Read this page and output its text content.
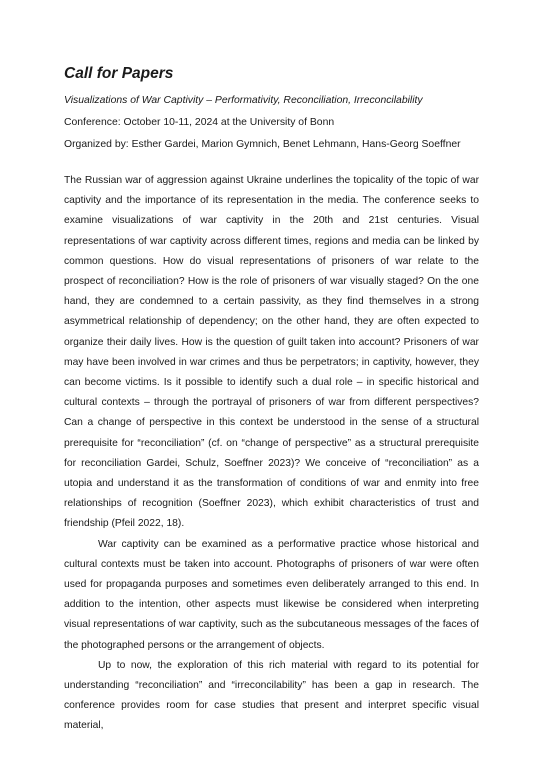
Call for Papers

Visualizations of War Captivity – Performativity, Reconciliation, Irreconcilability

Conference: October 10-11, 2024 at the University of Bonn

Organized by: Esther Gardei, Marion Gymnich, Benet Lehmann, Hans-Georg Soeffner

The Russian war of aggression against Ukraine underlines the topicality of the topic of war captivity and the importance of its representation in the media. The conference seeks to examine visualizations of war captivity in the 20th and 21st centuries. Visual representations of war captivity across different times, regions and media can be linked by common questions. How do visual representations of prisoners of war relate to the prospect of reconciliation? How is the role of prisoners of war visually staged? On the one hand, they are condemned to a certain passivity, as they find themselves in a strong asymmetrical relationship of dependency; on the other hand, they are often expected to organize their daily lives. How is the question of guilt taken into account? Prisoners of war may have been involved in war crimes and thus be perpetrators; in captivity, however, they can become victims. Is it possible to identify such a dual role – in specific historical and cultural contexts – through the portrayal of prisoners of war from different perspectives? Can a change of perspective in this context be understood in the sense of a structural prerequisite for “reconciliation” (cf. on “change of perspective” as a structural prerequisite for reconciliation Gardei, Schulz, Soeffner 2023)? We conceive of “reconciliation” as a utopia and understand it as the transformation of conditions of war and enmity into free relationships of recognition (Soeffner 2023), which exhibit characteristics of trust and friendship (Pfeil 2022, 18).

War captivity can be examined as a performative practice whose historical and cultural contexts must be taken into account. Photographs of prisoners of war were often used for propaganda purposes and sometimes even deliberately arranged to this end. In addition to the intention, other aspects must likewise be considered when interpreting visual representations of war captivity, such as the subcutaneous messages of the faces of the photographed persons or the arrangement of objects.

Up to now, the exploration of this rich material with regard to its potential for understanding “reconciliation” and “irreconcilability” has been a gap in research. The conference provides room for case studies that present and interpret specific visual material,
